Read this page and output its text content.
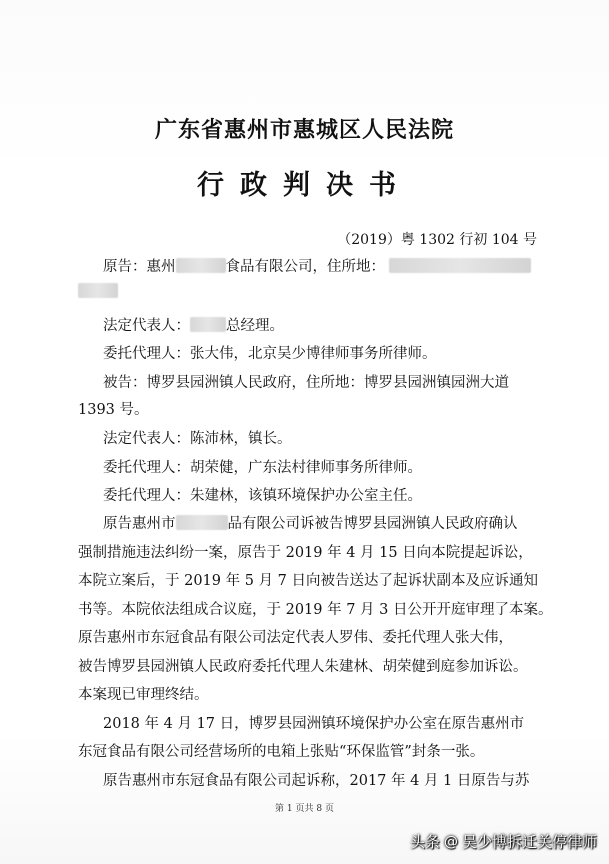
广东省惠州市惠城区人民法院
行政判决书
（2019）粤 1302 行初 104 号
原告：惠州	食品有限公司，住所地：
法定代表人： 总经理。
委托代理人：张大伟，北京吴少博律师事务所律师。
被告：博罗县园洲镇人民政府，住所地：博罗县园洲镇园洲大道
1393 号。
法定代表人：陈沛林，镇长。
委托代理人：胡荣健，广东法村律师事务所律师。
委托代理人：朱建林，该镇环境保护办公室主任。
原告惠州市	品有限公司诉被告博罗县园洲镇人民政府确认
强制措施违法纠纷一案，原告于 2019 年 4 月 15 日向本院提起诉讼，
本院立案后，于 2019 年 5 月 7 日向被告送达了起诉状副本及应诉通知
书等。本院依法组成合议庭，于 2019 年 7 月 3 日公开开庭审理了本案。
原告惠州市东冠食品有限公司法定代表人罗伟、委托代理人张大伟，
被告博罗县园洲镇人民政府委托代理人朱建林、胡荣健到庭参加诉讼。
本案现已审理终结。
2018 年 4 月 17 日，博罗县园洲镇环境保护办公室在原告惠州市
东冠食品有限公司经营场所的电箱上张贴“环保监管”封条一张。
原告惠州市东冠食品有限公司起诉称，2017 年 4 月 1 日原告与苏
第 1 页共 8 页
头条 @ 吴少博拆迁关停律师
